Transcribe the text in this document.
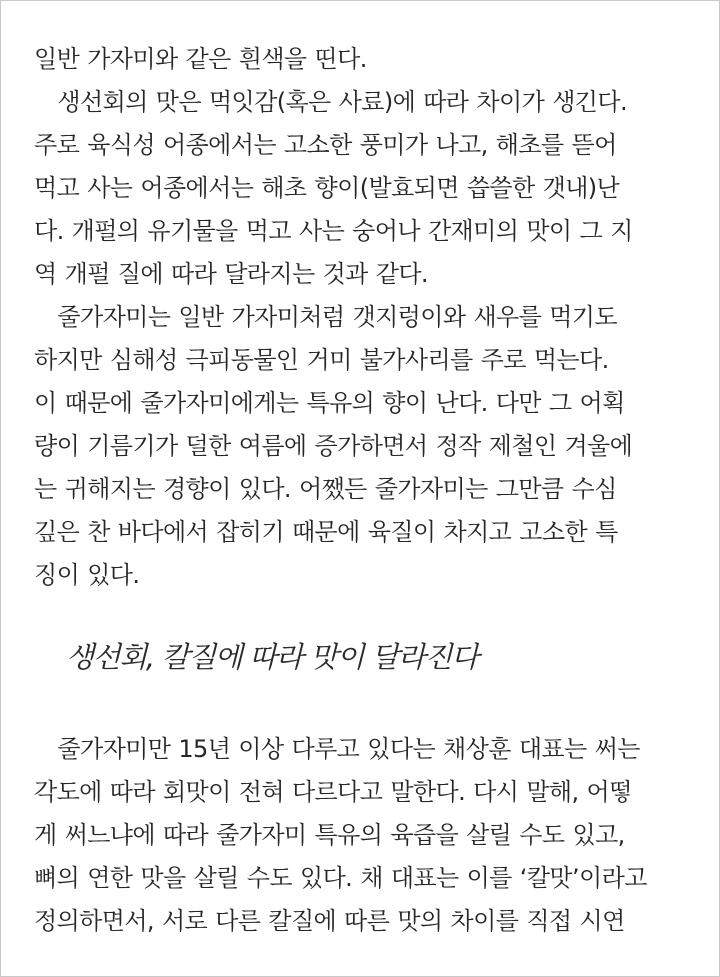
일반 가자미와 같은 흰색을 띤다.
　생선회의 맛은 먹잇감(혹은 사료)에 따라 차이가 생긴다.
주로 육식성 어종에서는 고소한 풍미가 나고, 해초를 뜯어
먹고 사는 어종에서는 해초 향이(발효되면 씁쓸한 갯내)난
다. 개펄의 유기물을 먹고 사는 숭어나 간재미의 맛이 그 지
역 개펄 질에 따라 달라지는 것과 같다.
　줄가자미는 일반 가자미처럼 갯지렁이와 새우를 먹기도
하지만 심해성 극피동물인 거미 불가사리를 주로 먹는다.
이 때문에 줄가자미에게는 특유의 향이 난다. 다만 그 어획
량이 기름기가 덜한 여름에 증가하면서 정작 제철인 겨울에
는 귀해지는 경향이 있다. 어쨌든 줄가자미는 그만큼 수심
깊은 찬 바다에서 잡히기 때문에 육질이 차지고 고소한 특
징이 있다.
생선회, 칼질에 따라 맛이 달라진다
　줄가자미만 15년 이상 다루고 있다는 채상훈 대표는 써는
각도에 따라 회맛이 전혀 다르다고 말한다. 다시 말해, 어떻
게 써느냐에 따라 줄가자미 특유의 육즙을 살릴 수도 있고,
뼈의 연한 맛을 살릴 수도 있다. 채 대표는 이를 ‘칼맛’이라고
정의하면서, 서로 다른 칼질에 따른 맛의 차이를 직접 시연
